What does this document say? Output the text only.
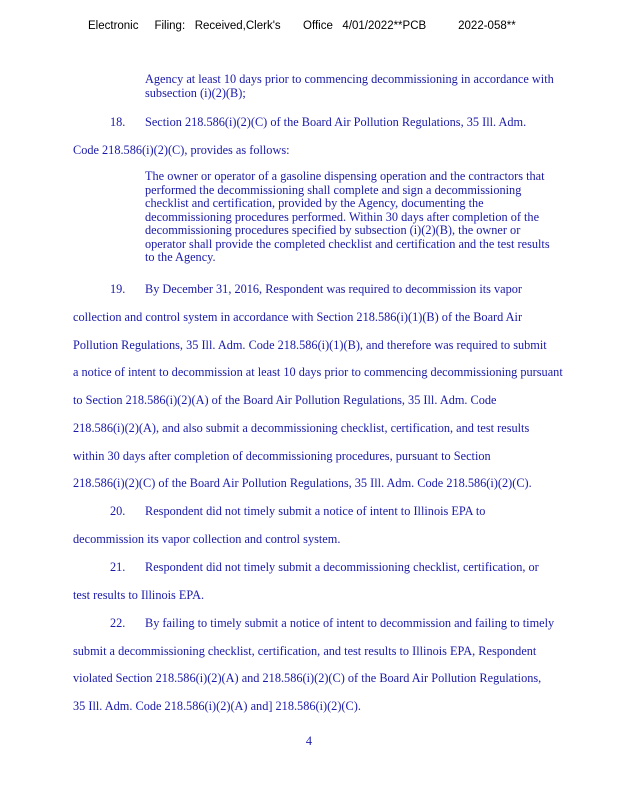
Electronic     Filing:   Received,Clerk's       Office   4/01/2022**PCB          2022-058**
Agency at least 10 days prior to commencing decommissioning in accordance with
subsection (i)(2)(B);
18. Section 218.586(i)(2)(C) of the Board Air Pollution Regulations, 35 Ill. Adm.
Code 218.586(i)(2)(C), provides as follows:
The owner or operator of a gasoline dispensing operation and the contractors that
performed the decommissioning shall complete and sign a decommissioning
checklist and certification, provided by the Agency, documenting the
decommissioning procedures performed. Within 30 days after completion of the
decommissioning procedures specified by subsection (i)(2)(B), the owner or
operator shall provide the completed checklist and certification and the test results
to the Agency.
19. By December 31, 2016, Respondent was required to decommission its vapor
collection and control system in accordance with Section 218.586(i)(1)(B) of the Board Air
Pollution Regulations, 35 Ill. Adm. Code 218.586(i)(1)(B), and therefore was required to submit
a notice of intent to decommission at least 10 days prior to commencing decommissioning pursuant
to Section 218.586(i)(2)(A) of the Board Air Pollution Regulations, 35 Ill. Adm. Code
218.586(i)(2)(A), and also submit a decommissioning checklist, certification, and test results
within 30 days after completion of decommissioning procedures, pursuant to Section
218.586(i)(2)(C) of the Board Air Pollution Regulations, 35 Ill. Adm. Code 218.586(i)(2)(C).
20. Respondent did not timely submit a notice of intent to Illinois EPA to
decommission its vapor collection and control system.
21. Respondent did not timely submit a decommissioning checklist, certification, or
test results to Illinois EPA.
22. By failing to timely submit a notice of intent to decommission and failing to timely
submit a decommissioning checklist, certification, and test results to Illinois EPA, Respondent
violated Section 218.586(i)(2)(A) and 218.586(i)(2)(C) of the Board Air Pollution Regulations,
35 Ill. Adm. Code 218.586(i)(2)(A) and] 218.586(i)(2)(C).
4
